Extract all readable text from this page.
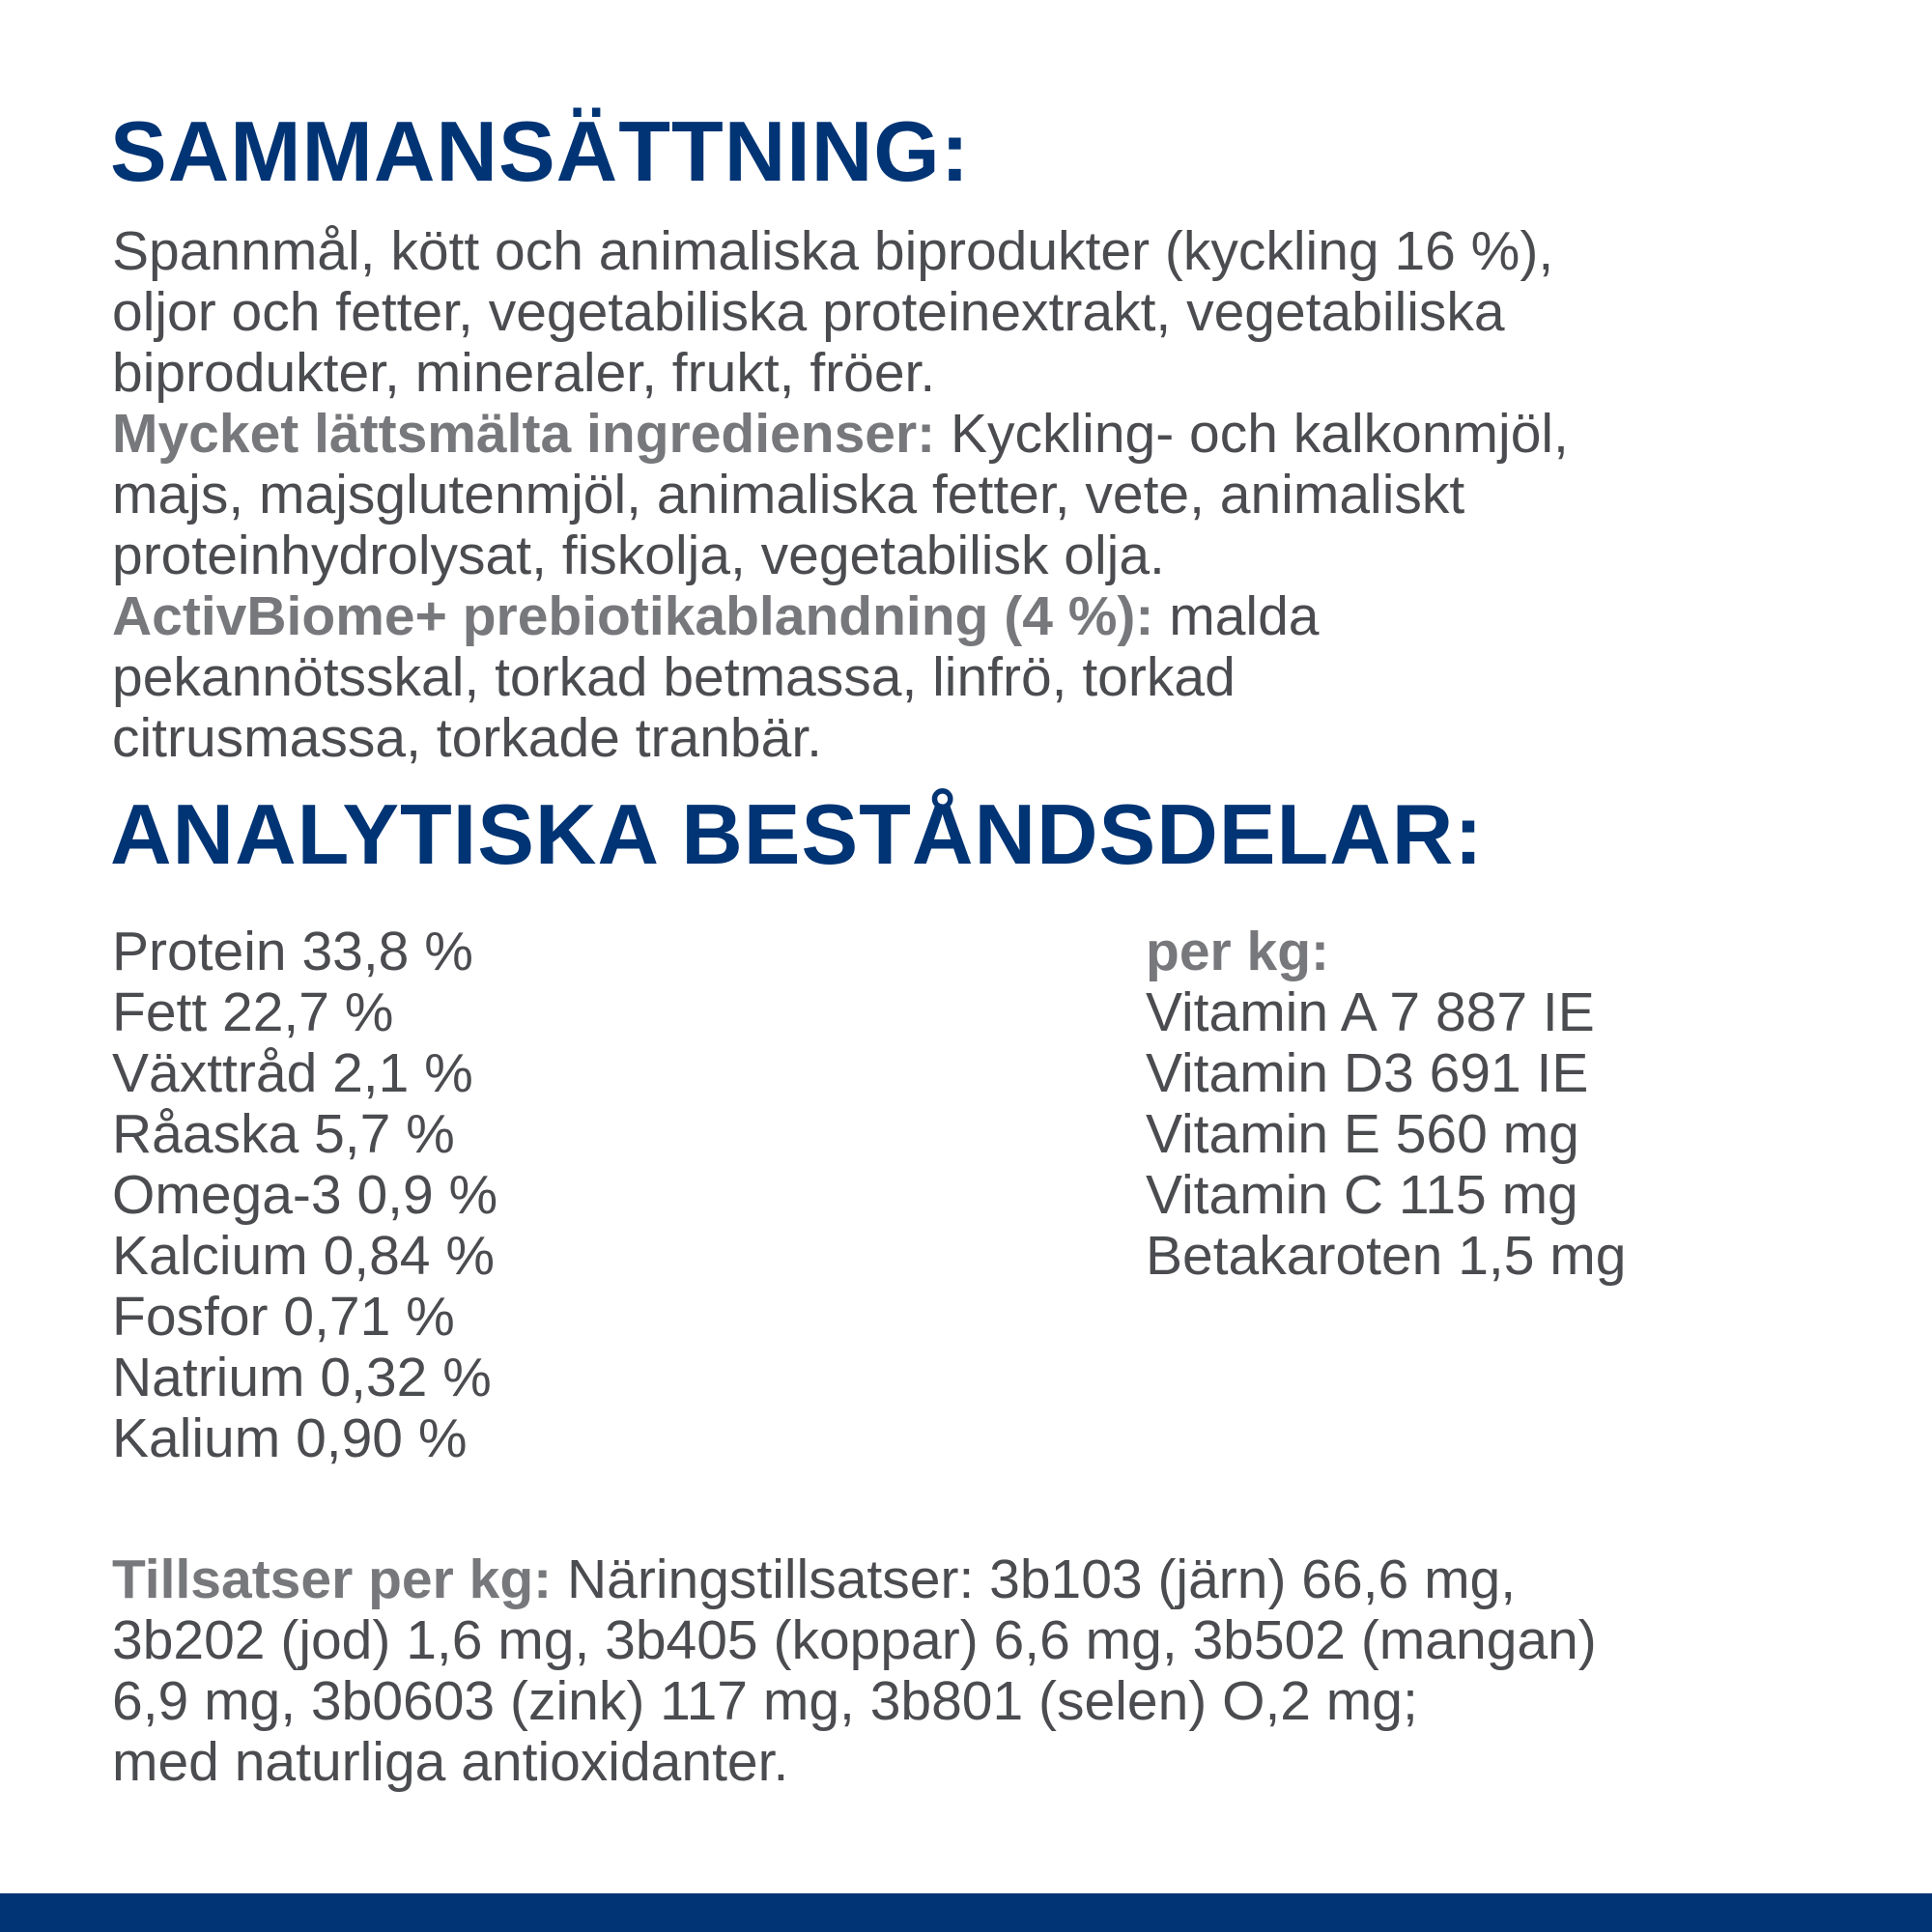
SAMMANSÄTTNING:
Spannmål, kött och animaliska biprodukter (kyckling 16 %),
oljor och fetter, vegetabiliska proteinextrakt, vegetabiliska
biprodukter, mineraler, frukt, fröer.
Mycket lättsmälta ingredienser: Kyckling- och kalkonmjöl,
majs, majsglutenmjöl, animaliska fetter, vete, animaliskt
proteinhydrolysat, fiskolja, vegetabilisk olja.
ActivBiome+ prebiotikablandning (4 %): malda
pekannötsskal, torkad betmassa, linfrö, torkad
citrusmassa, torkade tranbär.
ANALYTISKA BESTÅNDSDELAR:
Protein 33,8 %
Fett 22,7 %
Växttråd 2,1 %
Råaska 5,7 %
Omega-3 0,9 %
Kalcium 0,84 %
Fosfor 0,71 %
Natrium 0,32 %
Kalium 0,90 %
per kg:
Vitamin A 7 887 IE
Vitamin D3 691 IE
Vitamin E 560 mg
Vitamin C 115 mg
Betakaroten 1,5 mg
Tillsatser per kg: Näringstillsatser: 3b103 (järn) 66,6 mg,
3b202 (jod) 1,6 mg, 3b405 (koppar) 6,6 mg, 3b502 (mangan)
6,9 mg, 3b0603 (zink) 117 mg, 3b801 (selen) O,2 mg;
med naturliga antioxidanter.
